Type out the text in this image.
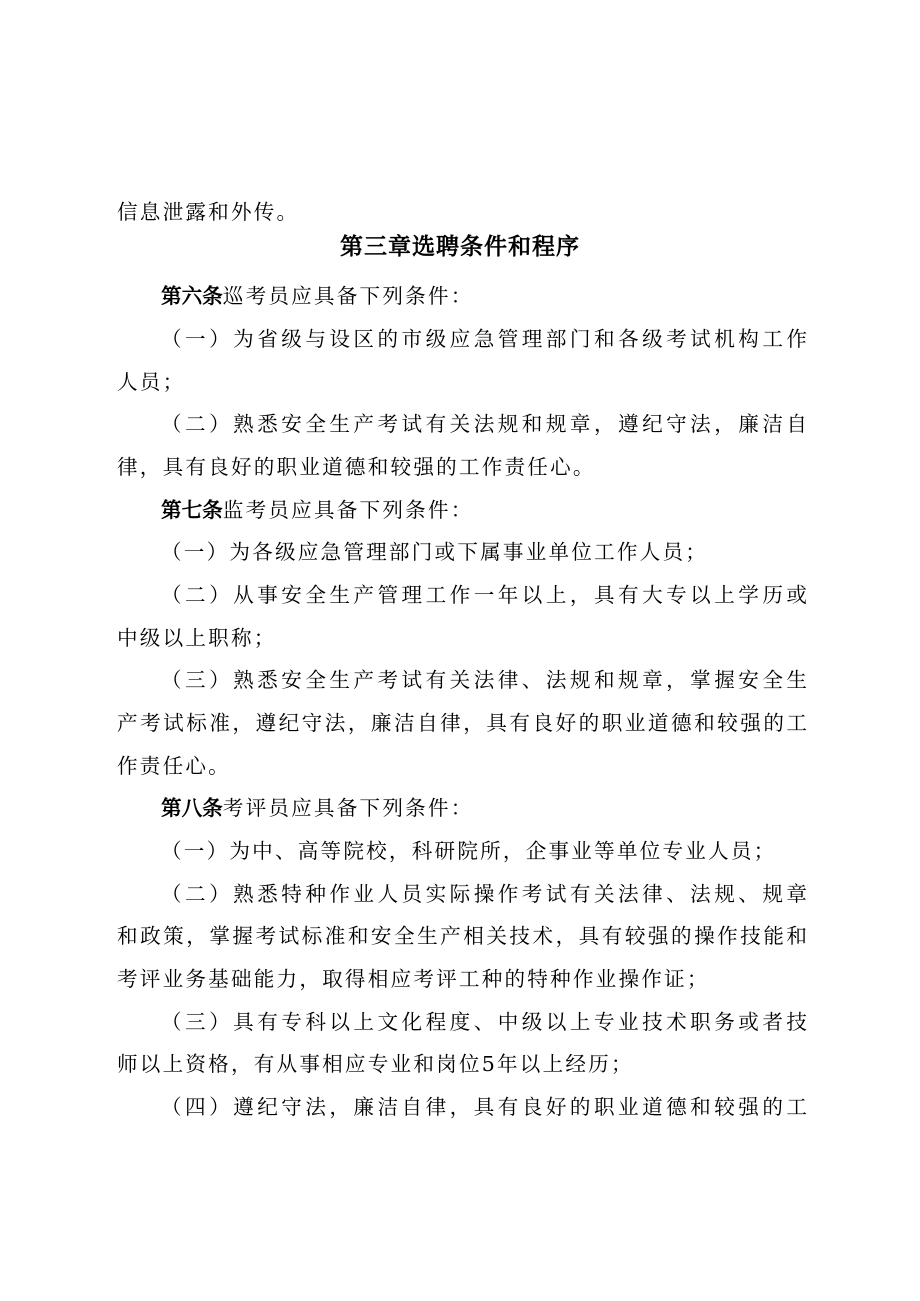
信息泄露和外传。
第三章选聘条件和程序
第六条巡考员应具备下列条件：
（一）为省级与设区的市级应急管理部门和各级考试机构工作
人员；
（二）熟悉安全生产考试有关法规和规章，遵纪守法，廉洁自
律，具有良好的职业道德和较强的工作责任心。
第七条监考员应具备下列条件：
（一）为各级应急管理部门或下属事业单位工作人员；
（二）从事安全生产管理工作一年以上，具有大专以上学历或
中级以上职称；
（三）熟悉安全生产考试有关法律、法规和规章，掌握安全生
产考试标准，遵纪守法，廉洁自律，具有良好的职业道德和较强的工
作责任心。
第八条考评员应具备下列条件：
（一）为中、高等院校，科研院所，企事业等单位专业人员；
（二）熟悉特种作业人员实际操作考试有关法律、法规、规章
和政策，掌握考试标准和安全生产相关技术，具有较强的操作技能和
考评业务基础能力，取得相应考评工种的特种作业操作证；
（三）具有专科以上文化程度、中级以上专业技术职务或者技
师以上资格，有从事相应专业和岗位5年以上经历；
（四）遵纪守法，廉洁自律，具有良好的职业道德和较强的工
